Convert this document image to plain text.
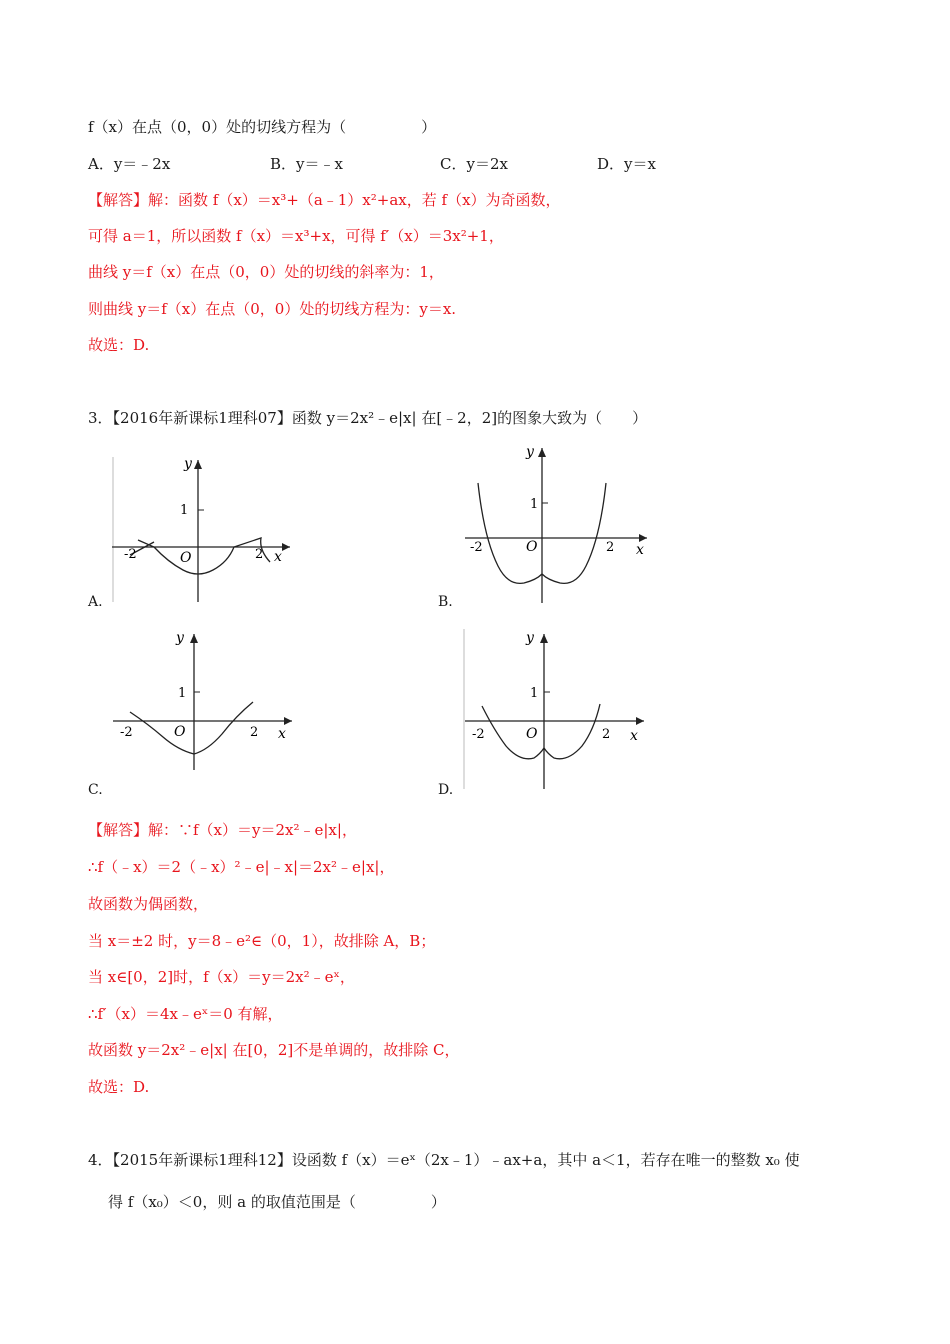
f（x）在点（0，0）处的切线方程为（　　　　　）
A．y＝﹣2x	B．y＝﹣x	C．y＝2x	D．y＝x
【解答】解：函数 f（x）＝x³+（a﹣1）x²+ax，若 f（x）为奇函数，
可得 a＝1，所以函数 f（x）＝x³+x，可得 f′（x）＝3x²+1，
曲线 y＝f（x）在点（0，0）处的切线的斜率为：1，
则曲线 y＝f（x）在点（0，0）处的切线方程为：y＝x.
故选：D.
3．【2016年新课标1理科07】函数 y＝2x²﹣e|x| 在[﹣2，2]的图象大致为（　　）
y
1
O
-2	2 x
A.
y
1
O
-2	2 x
B.
y
1
O
-2	2 x
C.
y
1
O
-2	2 x
D.
【解答】解：∵f（x）＝y＝2x²﹣e|x|，
∴f（﹣x）＝2（﹣x）²﹣e|﹣x|＝2x²﹣e|x|，
故函数为偶函数，
当 x＝±2 时，y＝8﹣e²∈（0，1），故排除 A，B；
当 x∈[0，2]时，f（x）＝y＝2x²﹣eˣ，
∴f′（x）＝4x﹣eˣ＝0 有解，
故函数 y＝2x²﹣e|x| 在[0，2]不是单调的，故排除 C，
故选：D.
4．【2015年新课标1理科12】设函数 f（x）＝eˣ（2x﹣1）﹣ax+a，其中 a＜1，若存在唯一的整数 x₀ 使
得 f（x₀）＜0，则 a 的取值范围是（　　　　　）
